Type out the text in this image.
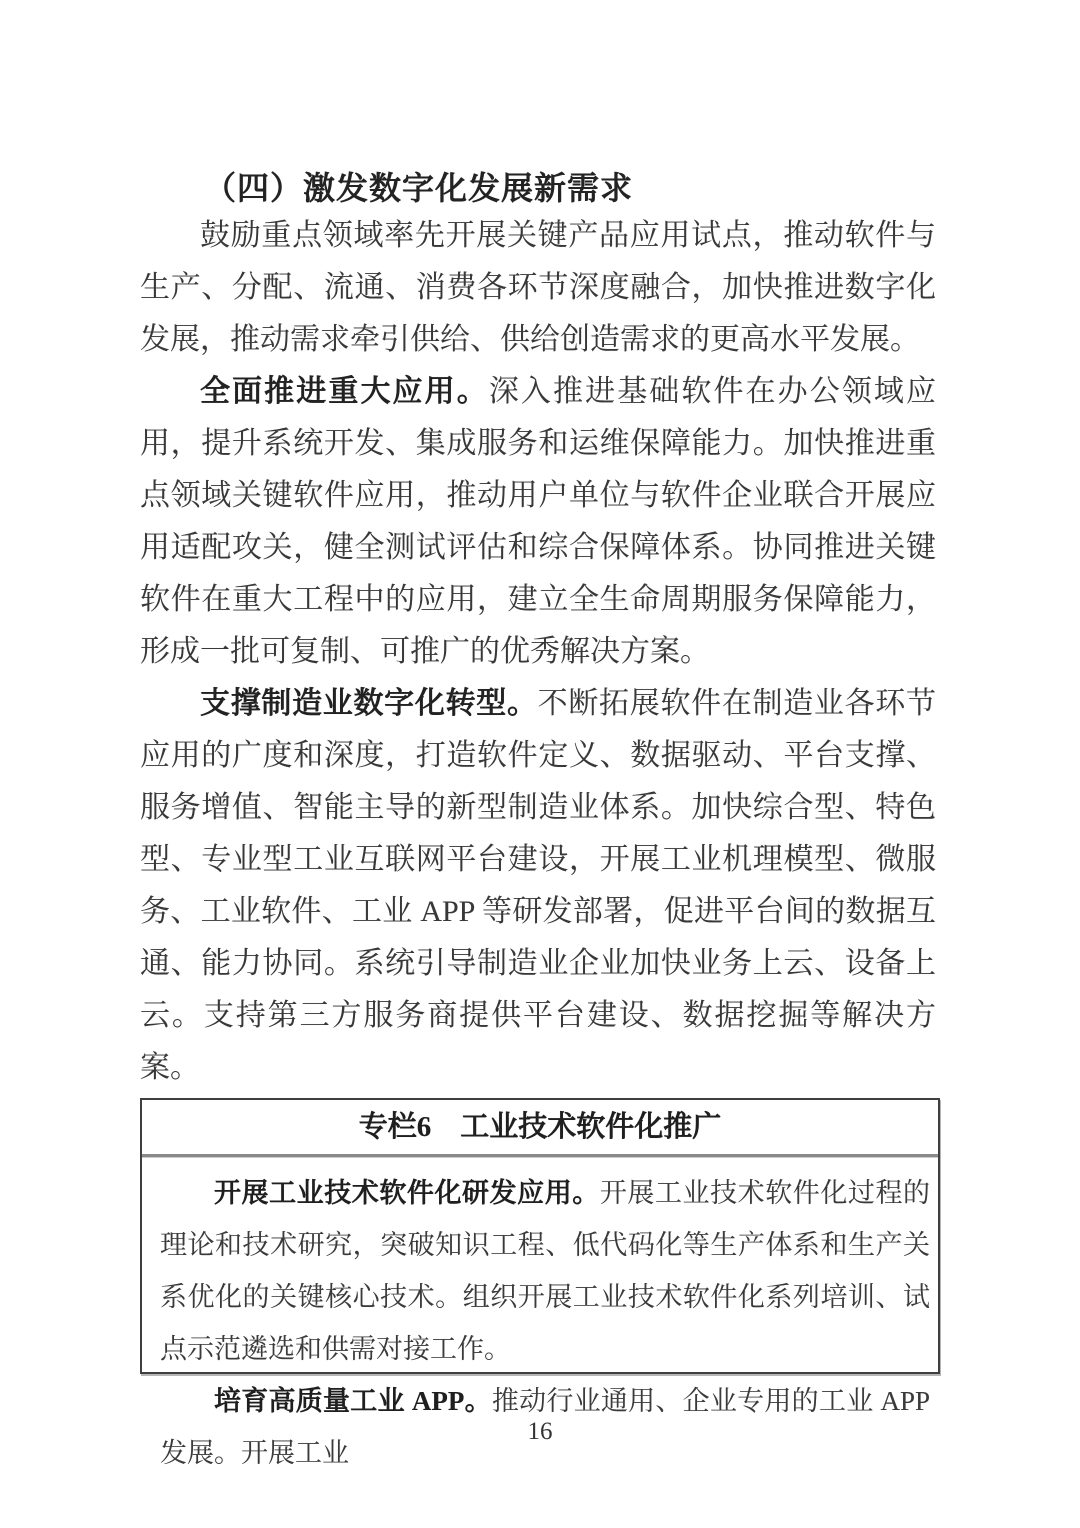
（四）激发数字化发展新需求

鼓励重点领域率先开展关键产品应用试点，推动软件与生产、分配、流通、消费各环节深度融合，加快推进数字化发展，推动需求牵引供给、供给创造需求的更高水平发展。

全面推进重大应用。深入推进基础软件在办公领域应用，提升系统开发、集成服务和运维保障能力。加快推进重点领域关键软件应用，推动用户单位与软件企业联合开展应用适配攻关，健全测试评估和综合保障体系。协同推进关键软件在重大工程中的应用，建立全生命周期服务保障能力，形成一批可复制、可推广的优秀解决方案。

支撑制造业数字化转型。不断拓展软件在制造业各环节应用的广度和深度，打造软件定义、数据驱动、平台支撑、服务增值、智能主导的新型制造业体系。加快综合型、特色型、专业型工业互联网平台建设，开展工业机理模型、微服务、工业软件、工业 APP 等研发部署，促进平台间的数据互通、能力协同。系统引导制造业企业加快业务上云、设备上云。支持第三方服务商提供平台建设、数据挖掘等解决方案。

专栏6　工业技术软件化推广

开展工业技术软件化研发应用。开展工业技术软件化过程的理论和技术研究，突破知识工程、低代码化等生产体系和生产关系优化的关键核心技术。组织开展工业技术软件化系列培训、试点示范遴选和供需对接工作。

培育高质量工业 APP。推动行业通用、企业专用的工业 APP 发展。开展工业

16
